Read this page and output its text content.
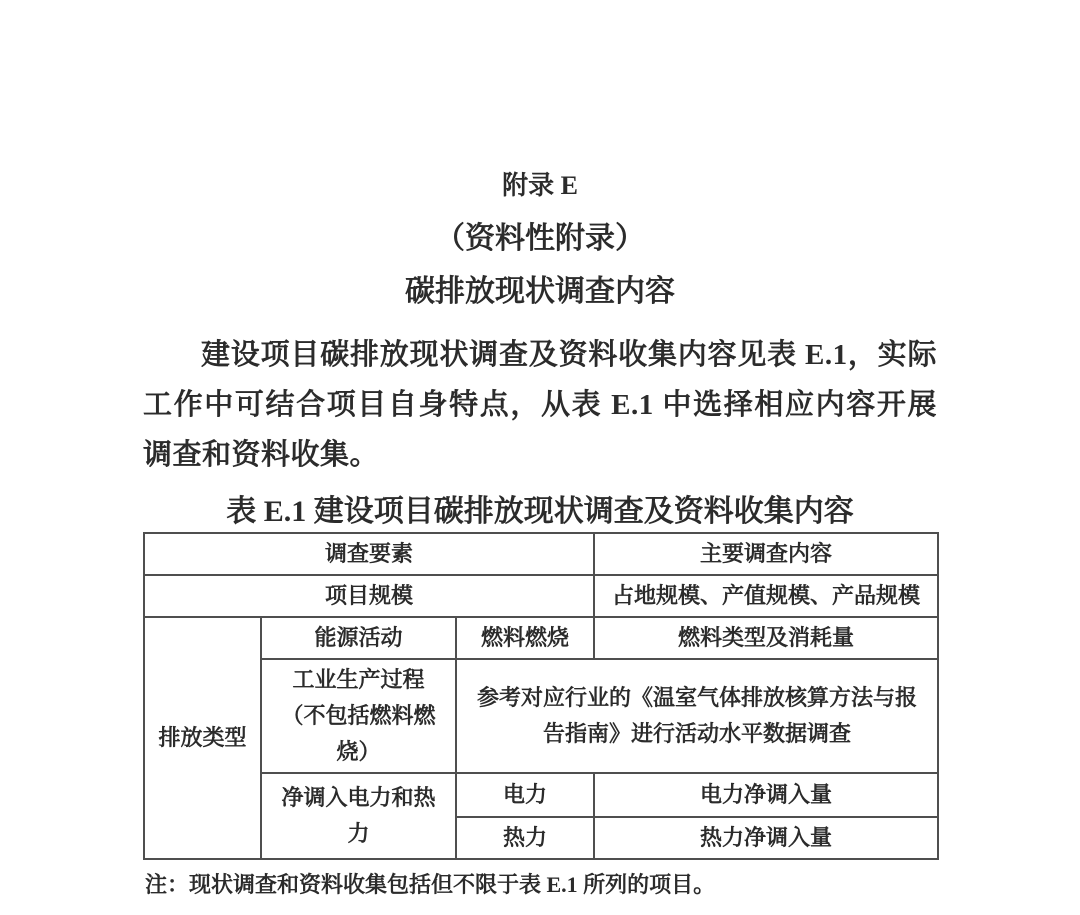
附录 E
（资料性附录）
碳排放现状调查内容

建设项目碳排放现状调查及资料收集内容见表 E.1，实际工作中可结合项目自身特点，从表 E.1 中选择相应内容开展调查和资料收集。

表 E.1 建设项目碳排放现状调查及资料收集内容
调查要素			主要调查内容
项目规模			占地规模、产值规模、产品规模
排放类型	能源活动	燃料燃烧	燃料类型及消耗量
	工业生产过程（不包括燃料燃烧）	参考对应行业的《温室气体排放核算方法与报告指南》进行活动水平数据调查	
	净调入电力和热力	电力	电力净调入量
		热力	热力净调入量
注：现状调查和资料收集包括但不限于表 E.1 所列的项目。
